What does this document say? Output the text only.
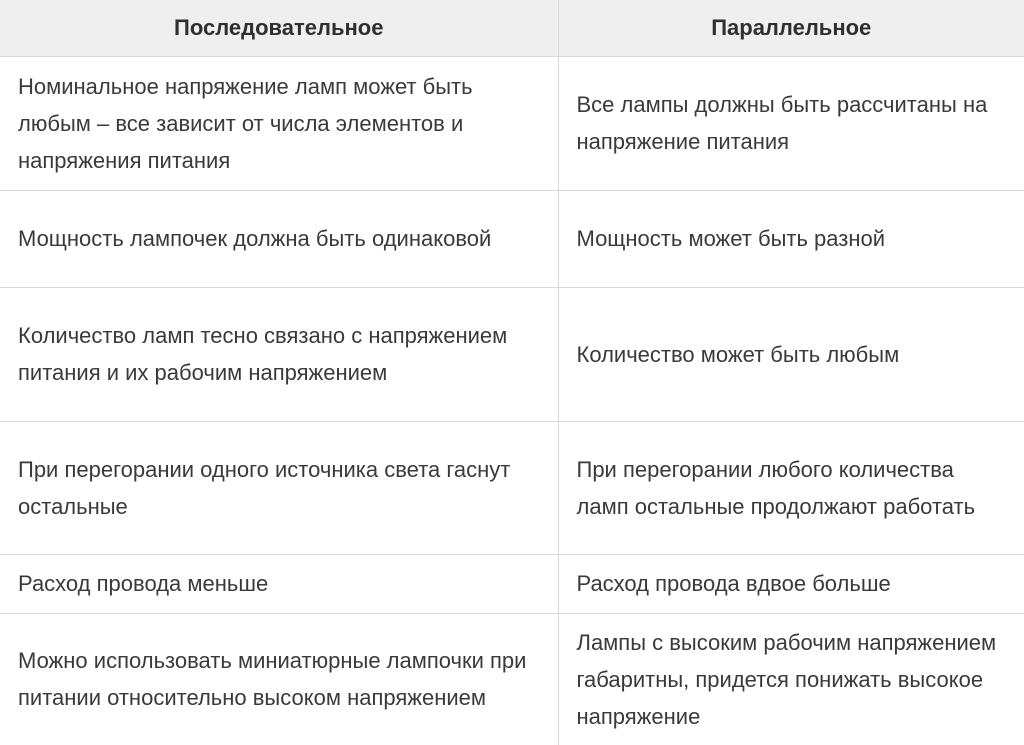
Последовательное	Параллельное
Номинальное напряжение ламп может быть любым – все зависит от числа элементов и напряжения питания	Все лампы должны быть рассчитаны на напряжение питания
Мощность лампочек должна быть одинаковой	Мощность может быть разной
Количество ламп тесно связано с напряжением питания и их рабочим напряжением	Количество может быть любым
При перегорании одного источника света гаснут остальные	При перегорании любого количества ламп остальные продолжают работать
Расход провода меньше	Расход провода вдвое больше
Можно использовать миниатюрные лампочки при питании относительно высоком напряжением	Лампы с высоким рабочим напряжением габаритны, придется понижать высокое напряжение
